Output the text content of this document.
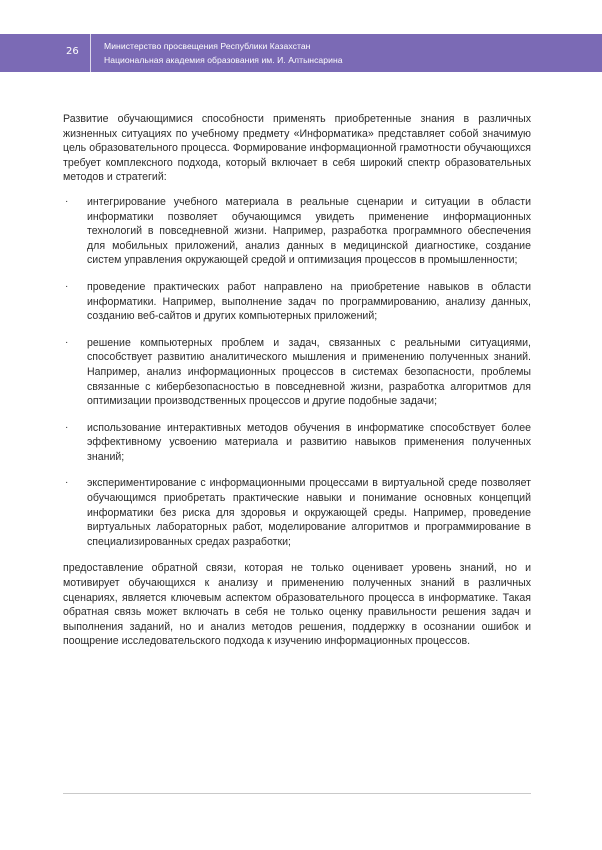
26	Министерство просвещения Республики Казахстан
Национальная академия образования им. И. Алтынсарина

Развитие обучающимися способности применять приобретенные знания в различных жизненных ситуациях по учебному предмету «Информатика» представляет собой значимую цель образовательного процесса. Формирование информационной грамотности обучающихся требует комплексного подхода, который включает в себя широкий спектр образовательных методов и стратегий:

· интегрирование учебного материала в реальные сценарии и ситуации в области информатики позволяет обучающимся увидеть применение информационных технологий в повседневной жизни. Например, разработка программного обеспечения для мобильных приложений, анализ данных в медицинской диагностике, создание систем управления окружающей средой и оптимизация процессов в промышленности;
· проведение практических работ направлено на приобретение навыков в области информатики. Например, выполнение задач по программированию, анализу данных, созданию веб-сайтов и других компьютерных приложений;
· решение компьютерных проблем и задач, связанных с реальными ситуациями, способствует развитию аналитического мышления и применению полученных знаний. Например, анализ информационных процессов в системах безопасности, проблемы связанные с кибербезопасностью в повседневной жизни, разработка алгоритмов для оптимизации производственных процессов и другие подобные задачи;
· использование интерактивных методов обучения в информатике способствует более эффективному усвоению материала и развитию навыков применения полученных знаний;
· экспериментирование с информационными процессами в виртуальной среде позволяет обучающимся приобретать практические навыки и понимание основных концепций информатики без риска для здоровья и окружающей среды. Например, проведение виртуальных лабораторных работ, моделирование алгоритмов и программирование в специализированных средах разработки;

предоставление обратной связи, которая не только оценивает уровень знаний, но и мотивирует обучающихся к анализу и применению полученных знаний в различных сценариях, является ключевым аспектом образовательного процесса в информатике. Такая обратная связь может включать в себя не только оценку правильности решения задач и выполнения заданий, но и анализ методов решения, поддержку в осознании ошибок и поощрение исследовательского подхода к изучению информационных процессов.
